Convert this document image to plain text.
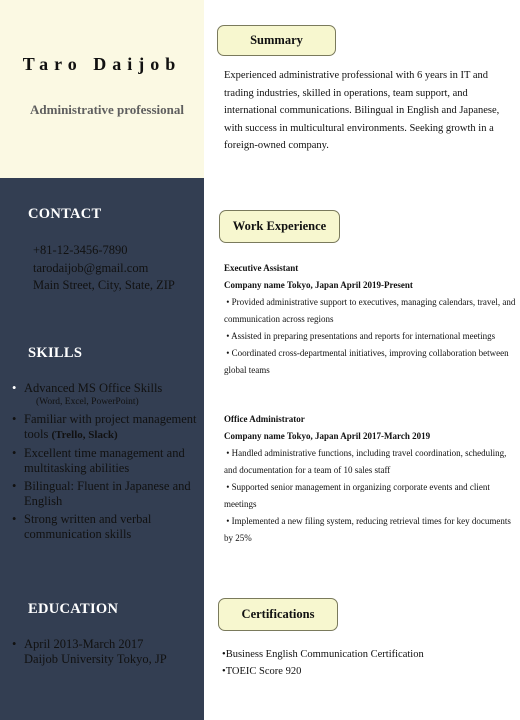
Taro Daijob
Administrative professional
CONTACT
+81-12-3456-7890
tarodaijob@gmail.com
Main Street, City, State, ZIP
SKILLS
• Advanced MS Office Skills
(Word, Excel, PowerPoint)
• Familiar with project management tools (Trello, Slack)
• Excellent time management and multitasking abilities
• Bilingual: Fluent in Japanese and English
• Strong written and verbal communication skills
EDUCATION
• April 2013-March 2017
Daijob University Tokyo, JP
Summary
Experienced administrative professional with 6 years in IT and trading industries, skilled in operations, team support, and international communications. Bilingual in English and Japanese, with success in multicultural environments. Seeking growth in a foreign-owned company.
Work Experience
Executive Assistant
Company name Tokyo, Japan April 2019-Present
• Provided administrative support to executives, managing calendars, travel, and communication across regions
• Assisted in preparing presentations and reports for international meetings
• Coordinated cross-departmental initiatives, improving collaboration between global teams
Office Administrator
Company name Tokyo, Japan April 2017-March 2019
• Handled administrative functions, including travel coordination, scheduling, and documentation for a team of 10 sales staff
• Supported senior management in organizing corporate events and client meetings
• Implemented a new filing system, reducing retrieval times for key documents by 25%
Certifications
•Business English Communication Certification
•TOEIC Score 920
